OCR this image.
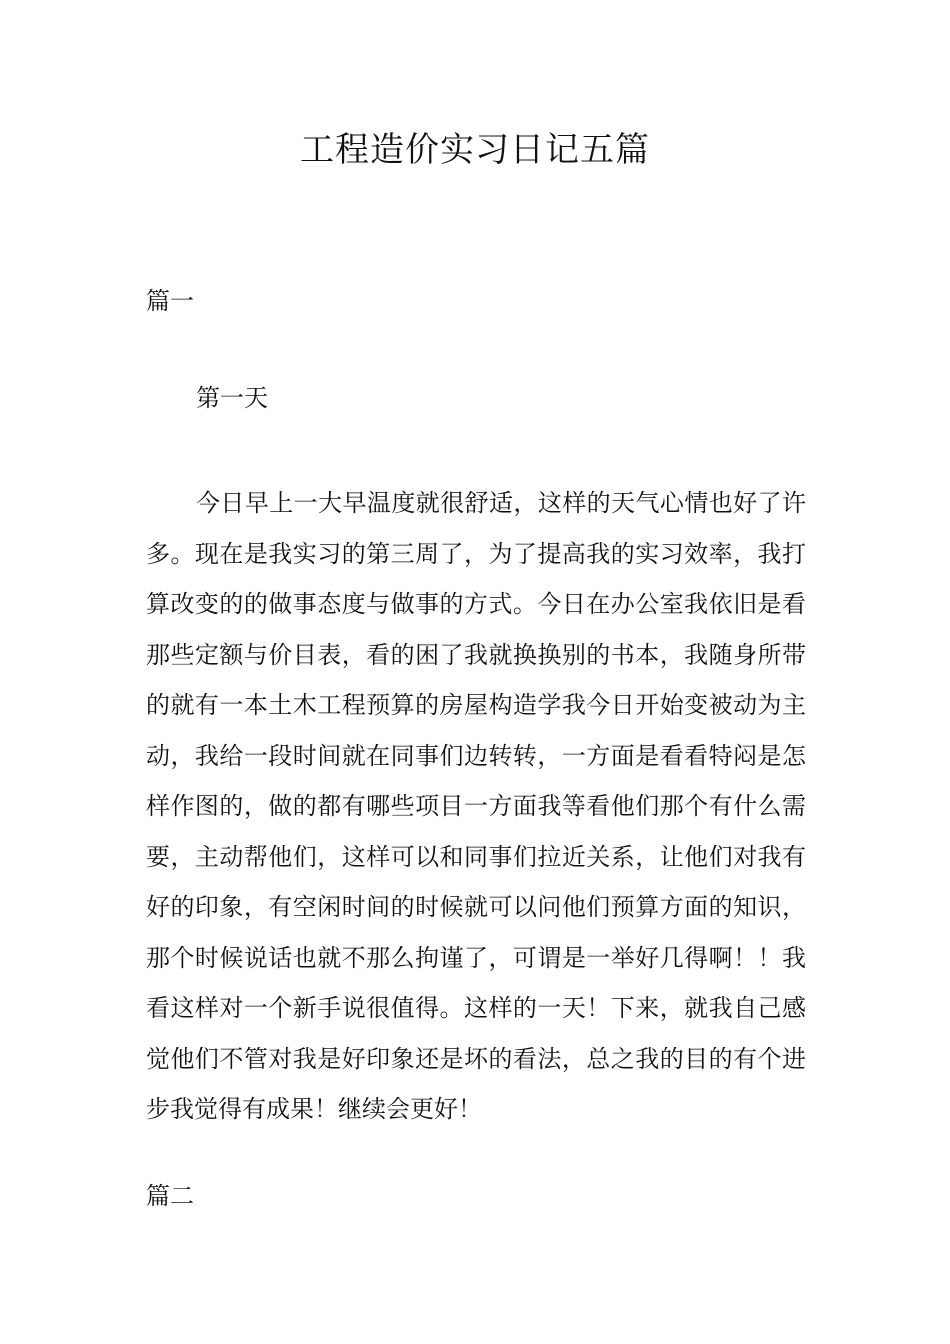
工程造价实习日记五篇

篇一

第一天

今日早上一大早温度就很舒适，这样的天气心情也好了许多。现在是我实习的第三周了，为了提高我的实习效率，我打算改变的的做事态度与做事的方式。今日在办公室我依旧是看那些定额与价目表，看的困了我就换换别的书本，我随身所带的就有一本土木工程预算的房屋构造学我今日开始变被动为主动，我给一段时间就在同事们边转转，一方面是看看特闷是怎样作图的，做的都有哪些项目一方面我等看他们那个有什么需要，主动帮他们，这样可以和同事们拉近关系，让他们对我有好的印象，有空闲时间的时候就可以问他们预算方面的知识，那个时候说话也就不那么拘谨了，可谓是一举好几得啊！！我看这样对一个新手说很值得。这样的一天！下来，就我自己感觉他们不管对我是好印象还是坏的看法，总之我的目的有个进步我觉得有成果！继续会更好！

篇二
